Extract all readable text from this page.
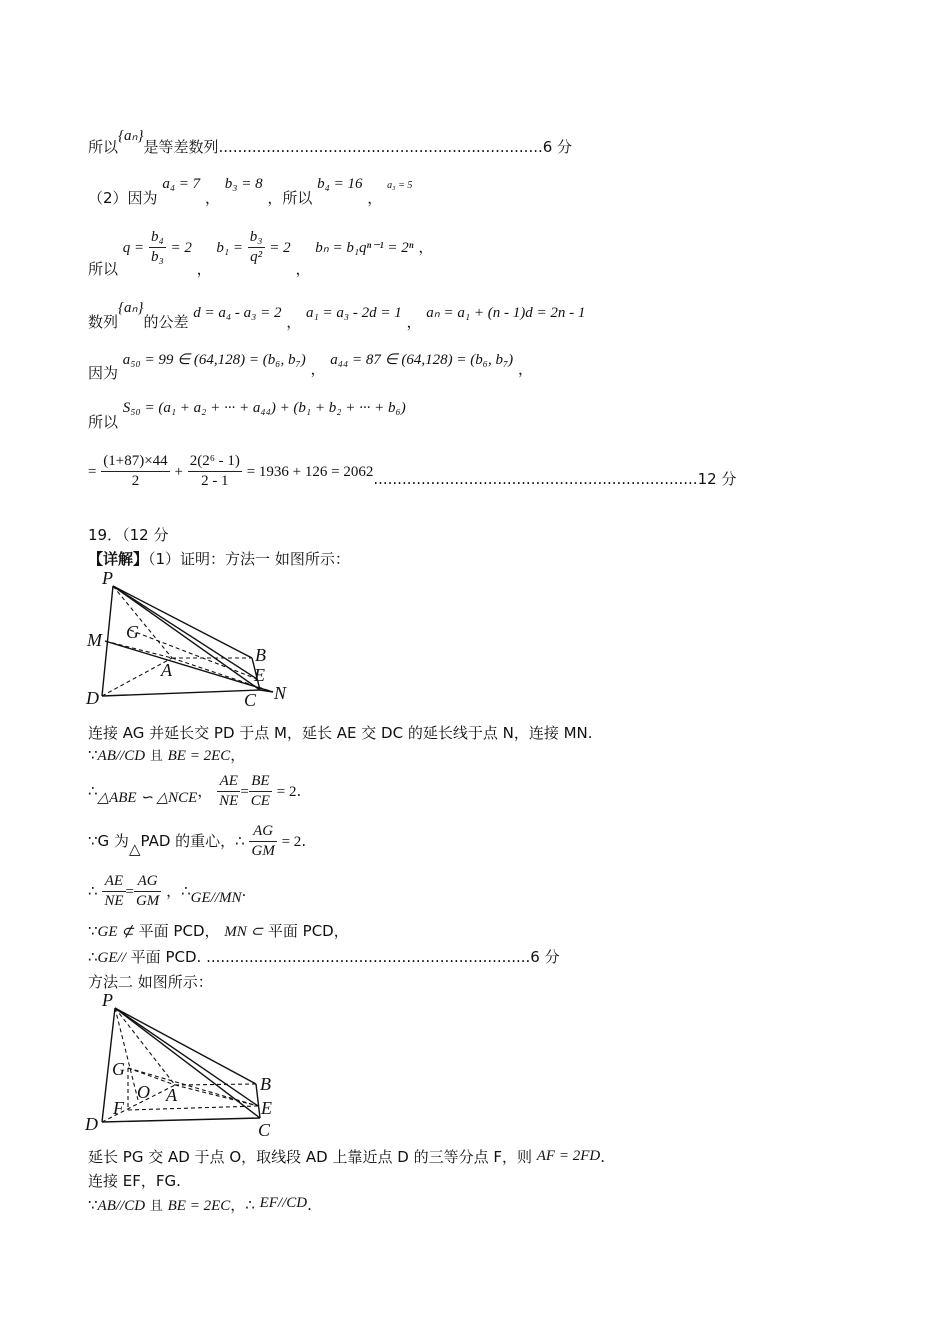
所以{aₙ}是等差数列....................................................................6 分
（2）因为 a₄ = 7 ， b₃ = 8 ，所以 b₄ = 16 ， a₃ = 5
所以 $q = \frac{\text{b₄}}{\text{b₃}} = 2$ ， $b_1 = \frac{\text{b₃}}{\text{q²}} = 2$ ， bₙ = b₁qⁿ⁻¹ = 2ⁿ ，
数列{aₙ}的公差 d = a₄ - a₃ = 2 ， a₁ = a₃ - 2d = 1 ， aₙ = a₁ + (n - 1)d = 2n - 1
因为 a₅₀ = 99 ∈ (64,128) = (b₆, b₇) ， a₄₄ = 87 ∈ (64,128) = (b₆, b₇) ，
所以 S₅₀ = (a₁ + a₂ + ··· + a₄₄) + (b₁ + b₂ + ··· + b₆)
= $\frac{(1+87)\times 44}{2} + \frac{\text{2(2⁶ - 1)}}{2 - 1} = 1936 + 126 = 2062....................................................................12$ 分
19．（12 分
【详解】（1）证明：方法一 如图所示：
P
M G
B
A	E
N
D	C
连接 AG 并延长交 PD 于点 M，延长 AE 交 DC 的延长线于点 N，连接 MN.
∵AB//CD 且 BE = 2EC，
∴△ABE ∽ △NCE， $\frac{AE}{NE} = \frac{BE}{CE} = 2$.
∵G 为△PAD 的重心，∴ $\frac{AG}{GM} = 2$.
∴ $\frac{AE}{NE} = \frac{AG}{GM}$ ，∴GE//MN.
∵GE ⊄ 平面 PCD， MN ⊂ 平面 PCD，
∴GE// 平面 PCD. ....................................................................6 分
方法二 如图所示：
P
G
B
O A
F	E
D	C
延长 PG 交 AD 于点 O，取线段 AD 上靠近点 D 的三等分点 F，则 AF = 2FD.
连接 EF，FG.
∵AB//CD 且 BE = 2EC，∴ EF//CD.
